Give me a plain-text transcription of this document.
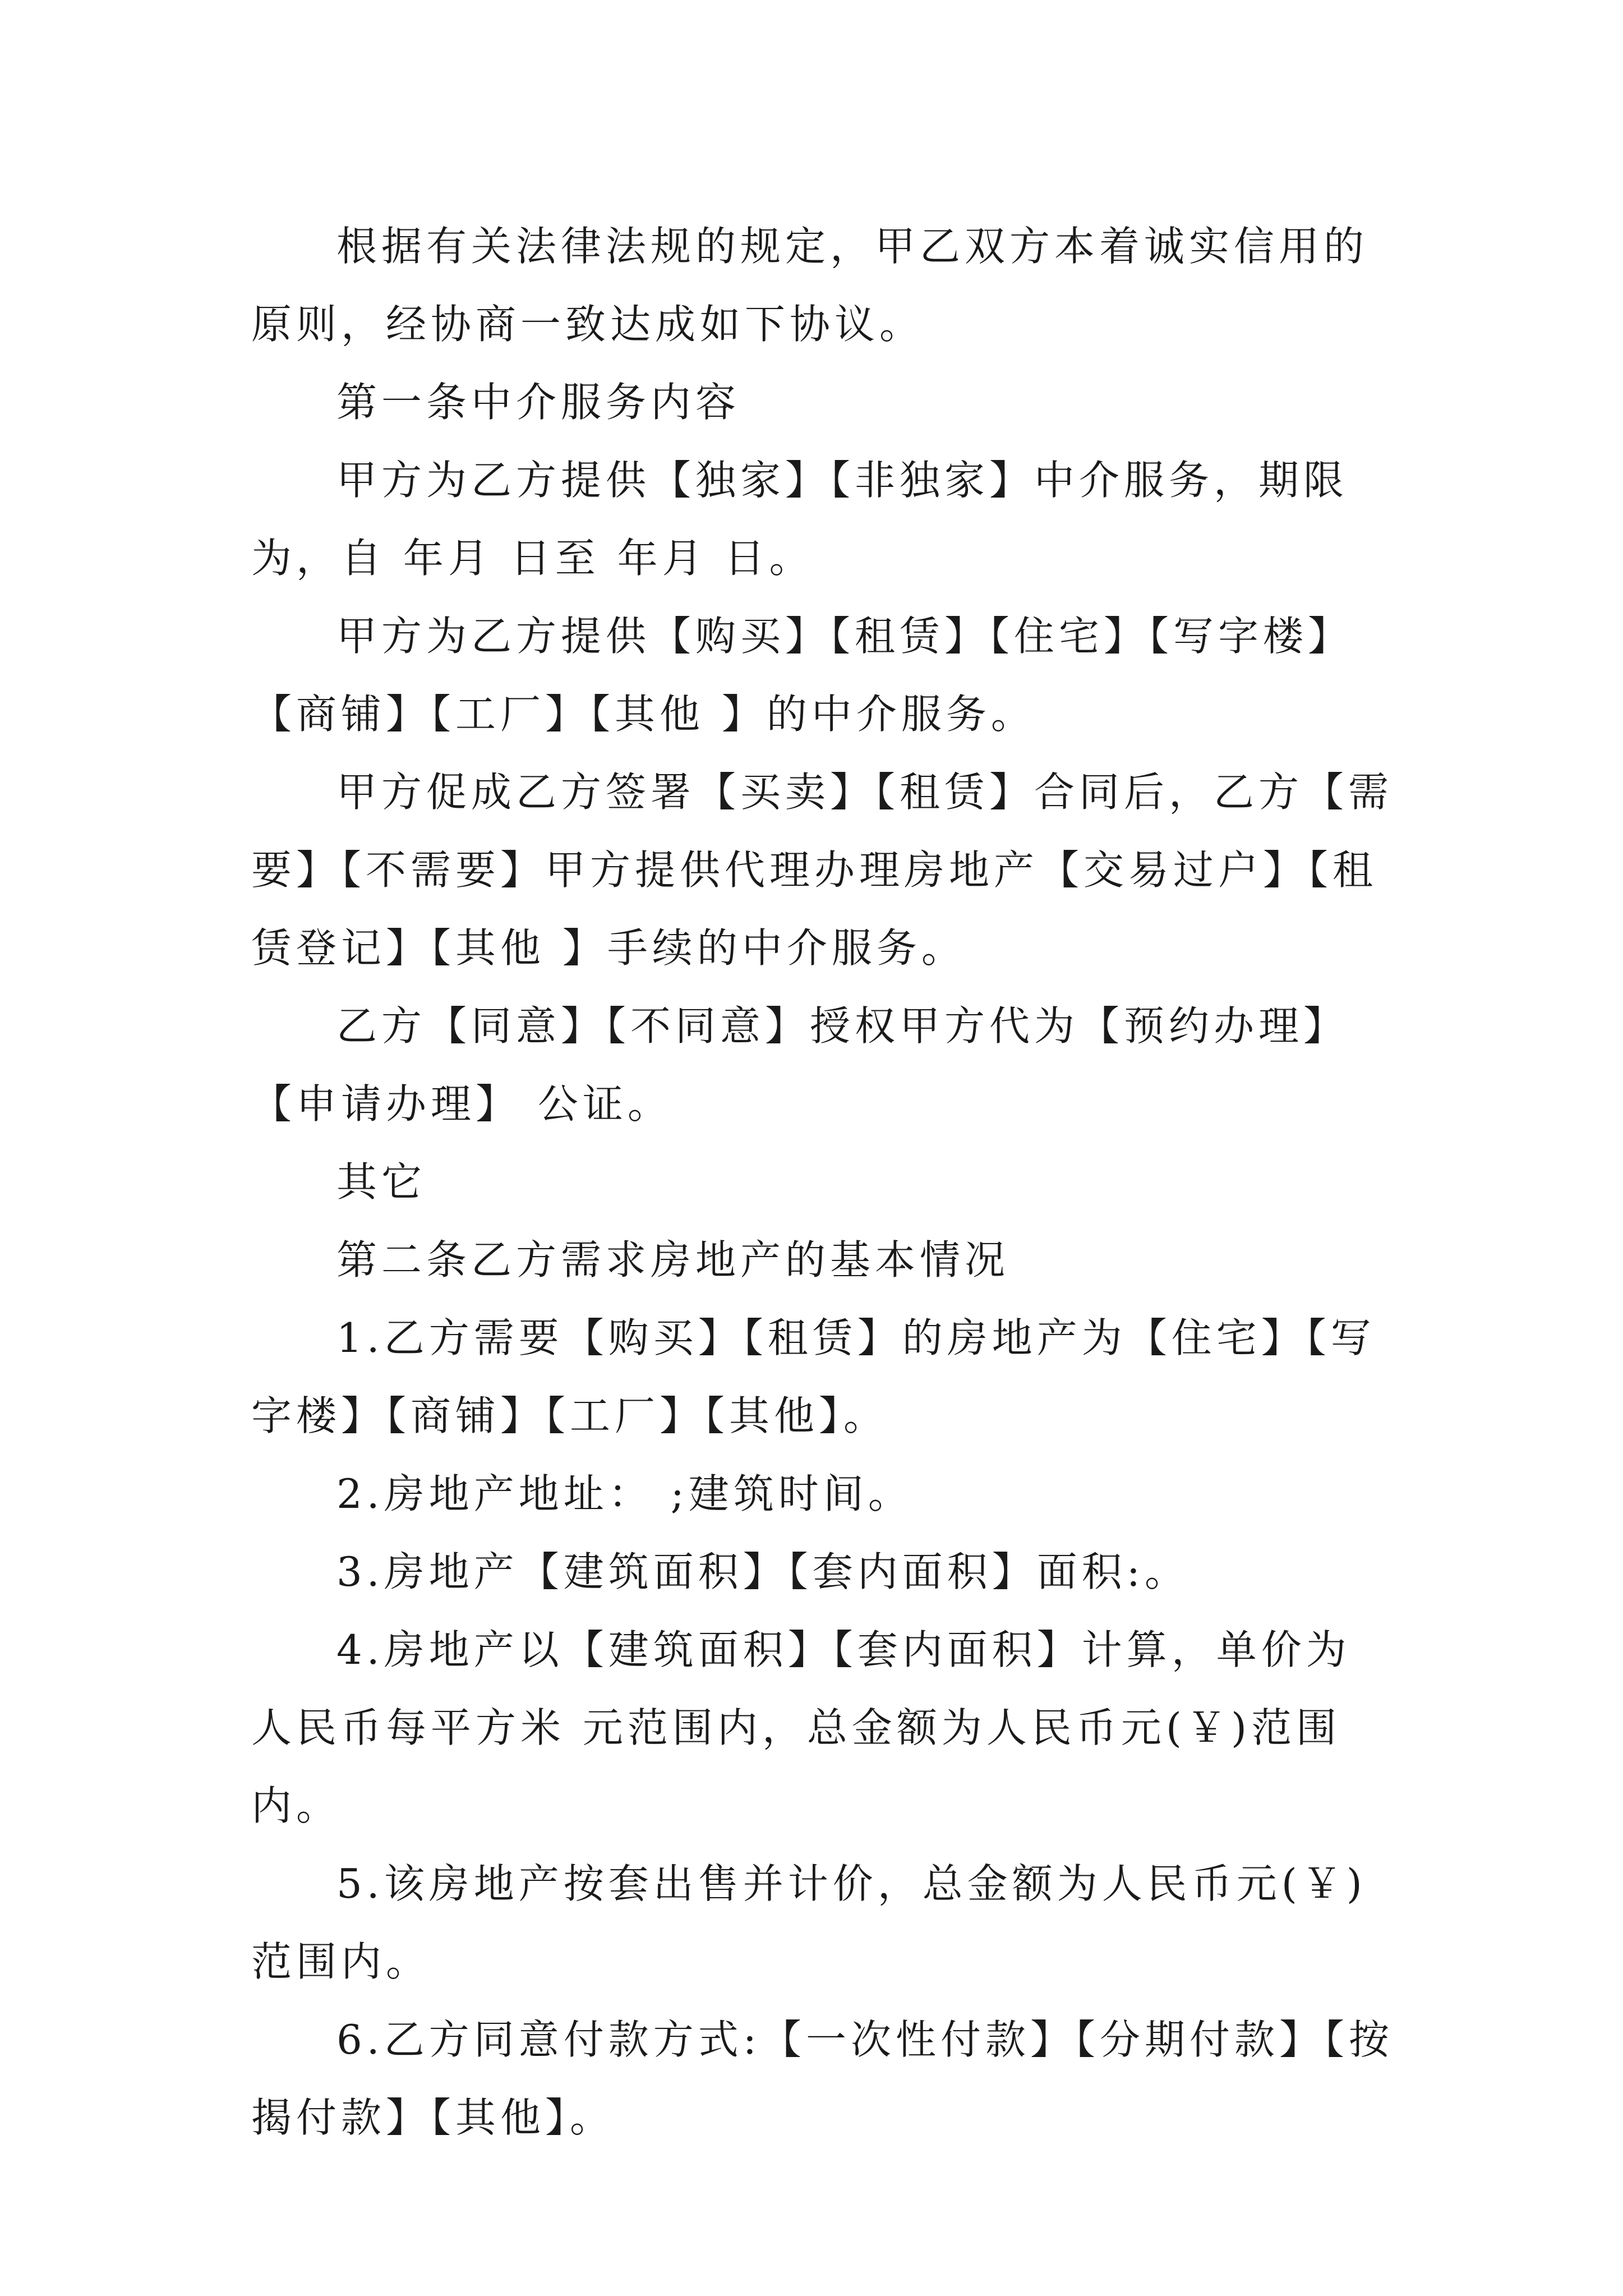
根据有关法律法规的规定，甲乙双方本着诚实信用的原则，经协商一致达成如下协议。

第一条中介服务内容

甲方为乙方提供【独家】【非独家】中介服务，期限为，自 年月 日至 年月 日。

甲方为乙方提供【购买】【租赁】【住宅】【写字楼】【商铺】【工厂】【其他 】的中介服务。

甲方促成乙方签署【买卖】【租赁】合同后，乙方【需要】【不需要】甲方提供代理办理房地产【交易过户】【租赁登记】【其他 】手续的中介服务。

乙方【同意】【不同意】授权甲方代为【预约办理】【申请办理】 公证。

其它

第二条乙方需求房地产的基本情况

1.乙方需要【购买】【租赁】的房地产为【住宅】【写字楼】【商铺】【工厂】【其他】。

2.房地产地址： ;建筑时间。

3.房地产【建筑面积】【套内面积】面积:。

4.房地产以【建筑面积】【套内面积】计算，单价为人民币每平方米 元范围内，总金额为人民币元(￥)范围内。

5.该房地产按套出售并计价，总金额为人民币元(￥)范围内。

6.乙方同意付款方式:【一次性付款】【分期付款】【按揭付款】【其他】。
